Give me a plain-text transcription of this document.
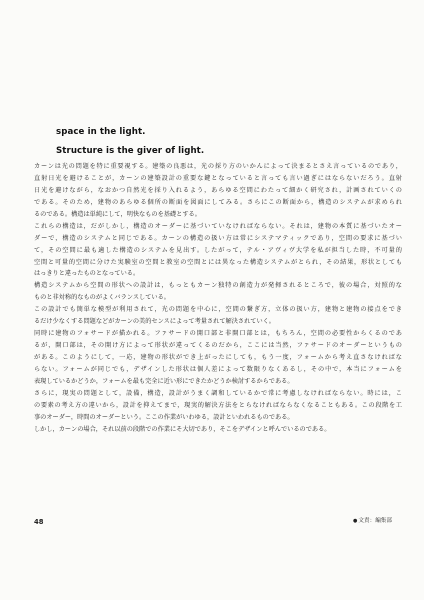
space in the light.
Structure is the giver of light.
カーンは光の問題を特に重要視する。建築の良悪は，光の採り方のいかんによって決まるとさえ言っているのであり，
直射日光を避けることが，カーンの建築設計の重要な鍵となっていると言っても言い過ぎにはならないだろう。直射
日光を避けながら，なおかつ自然光を採り入れるよう，あらゆる空間にわたって細かく研究され，計画されていくの
である。そのため，建物のあらゆる個所の断面を図面にしてみる。さらにこの断面から，構造のシステムが求められ
るのである。構造は単純にして，明快なものを基礎とする。
これらの構造は，だがしかし，構造のオーダーに基づいていなければならない。それは，建物の本質に基づいたオー
ダーで，構造のシステムと同じである。カーンの構造の扱い方は常にシステマティックであり，空間の要求に基づい
て，その空間に最も適した構造のシステムを見出す。したがって，テル・アヴィヴ大学を私が担当した時，不可量的
空間と可量的空間に分けた実験室の空間と教室の空間とには異なった構造システムがとられ，その結果，形状としても
はっきりと違ったものとなっている。
構造システムから空間の形状への設計は，もっともカーン独特の創造力が発揮されるところで，彼の場合，対照的な
ものと非対称的なものがよくバランスしている。
この設計でも簡単な模型が利用されて，光の問題を中心に，空間の繋ぎ方，立体の扱い方，建物と建物の接点をでき
るだけ少なくする問題などがカーンの美的センスによって考量されて解決されていく。
同時に建物のフォサードが描かれる。ファサードの開口部と非開口部とは，もちろん，空間の必要性からくるのであ
るが，開口部は，その開け方によって形状が違ってくるのだから，ここには当然，ファサードのオーダーというもの
がある。このようにして，一応，建物の形状ができ上がったにしても，もう一度，フォームから考え直さなければな
らない。フォームが同じでも，デザインした形状は個人差によって数限りなくあるし，その中で，本当にフォームを
表現しているかどうか，フォームを最も完全に近い形にできたかどうか検討するからである。
さらに，現実の問題として，設備，構造，設計がうまく調和しているかで常に考慮しなければならない。時には，こ
の要素の考え方の違いから，設計を抑えてまで，現実的解決方法をとらなければならなくなることもある。この段階を工
事のオーダー，時間のオーダーという。ここの作業がいわゆる，設計といわれるものである。
しかし，カーンの場合，それ以前の段階での作業にそ大切であり，そこをデザインと呼んでいるのである。
48	●文責：編集部
